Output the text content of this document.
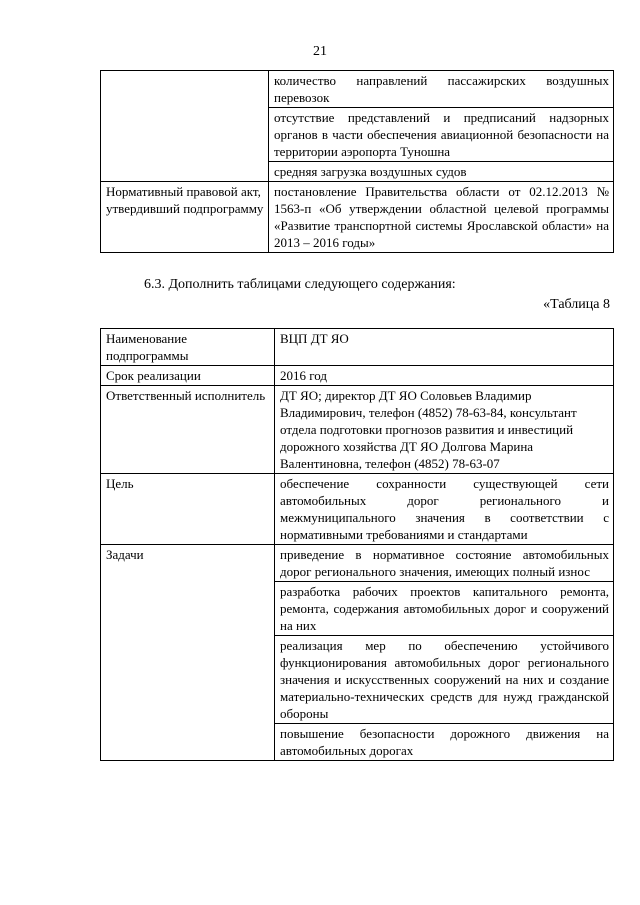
21
	количество направлений пассажирских воздушных перевозок
	отсутствие представлений и предписаний надзорных органов в части обеспечения авиационной безопасности на территории аэропорта Туношна
	средняя загрузка воздушных судов
Нормативный правовой акт, утвердивший подпрограмму	постановление Правительства области от 02.12.2013 № 1563-п «Об утверждении областной целевой программы «Развитие транспортной системы Ярославской области» на 2013 – 2016 годы»
6.3. Дополнить таблицами следующего содержания:
«Таблица 8
Наименование подпрограммы	ВЦП ДТ ЯО
Срок реализации	2016 год
Ответственный исполнитель	ДТ ЯО; директор ДТ ЯО Соловьев Владимир Владимирович, телефон (4852) 78-63-84, консультант отдела подготовки прогнозов развития и инвестиций дорожного хозяйства ДТ ЯО Долгова Марина Валентиновна, телефон (4852) 78-63-07
Цель	обеспечение сохранности существующей сети автомобильных дорог регионального и межмуниципального значения в соответствии с нормативными требованиями и стандартами
Задачи	приведение в нормативное состояние автомобильных дорог регионального значения, имеющих полный износ
	разработка рабочих проектов капитального ремонта, ремонта, содержания автомобильных дорог и сооружений на них
	реализация мер по обеспечению устойчивого функционирования автомобильных дорог регионального значения и искусственных сооружений на них и создание материально-технических средств для нужд гражданской обороны
	повышение безопасности дорожного движения на автомобильных дорогах
